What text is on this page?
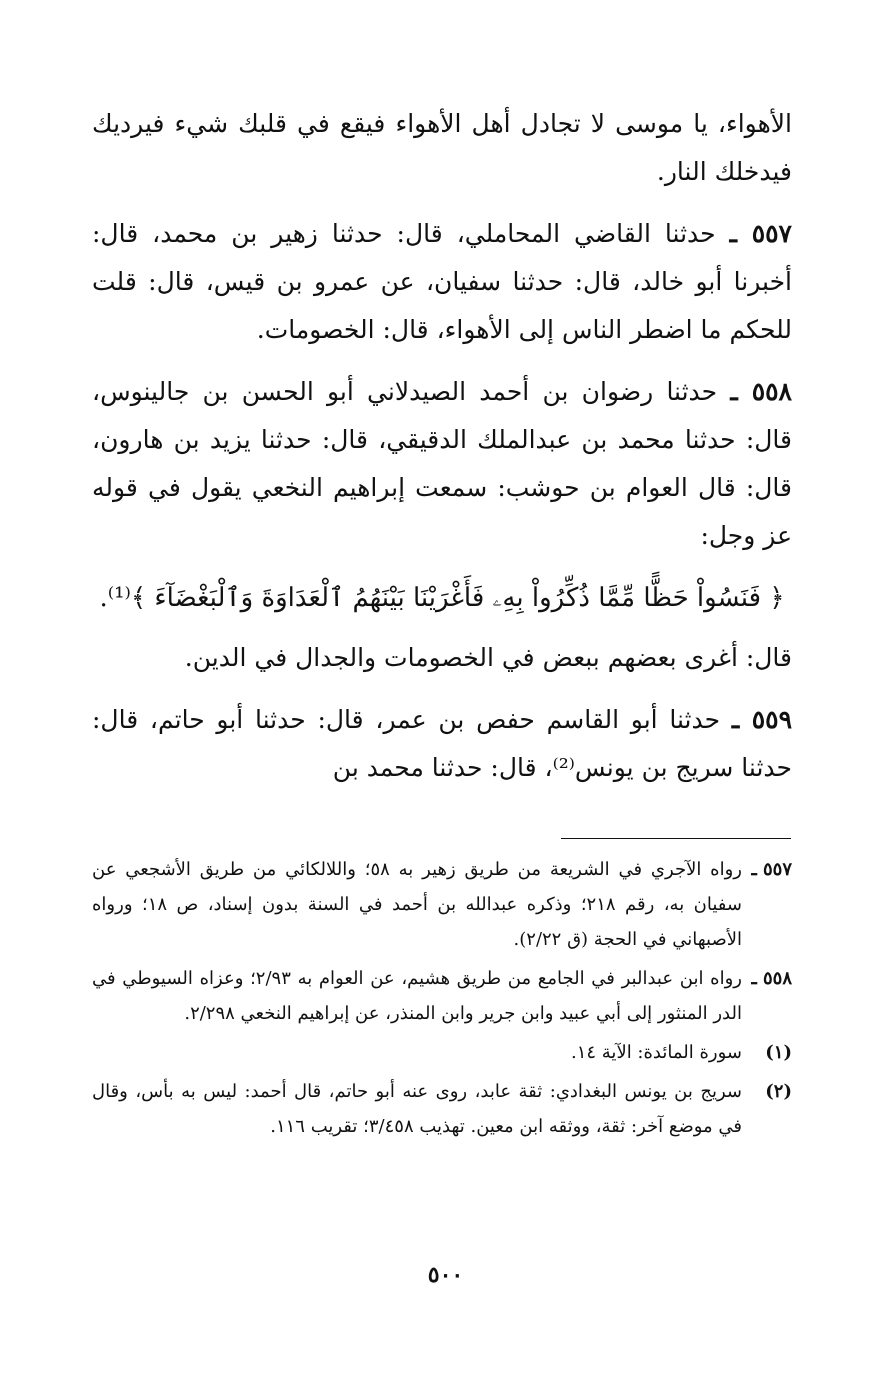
الأهواء، يا موسى لا تجادل أهل الأهواء فيقع في قلبك شيء فيرديك فيدخلك النار.

٥٥٧ ـ حدثنا القاضي المحاملي، قال: حدثنا زهير بن محمد، قال: أخبرنا أبو خالد، قال: حدثنا سفيان، عن عمرو بن قيس، قال: قلت للحكم ما اضطر الناس إلى الأهواء، قال: الخصومات.

٥٥٨ ـ حدثنا رضوان بن أحمد الصيدلاني أبو الحسن بن جالينوس، قال: حدثنا محمد بن عبدالملك الدقيقي، قال: حدثنا يزيد بن هارون، قال: قال العوام بن حوشب: سمعت إبراهيم النخعي يقول في قوله عز وجل:

﴿ فَنَسُواْ حَظًّا مِّمَّا ذُكِّرُواْ بِهِۦ فَأَغْرَيْنَا بَيْنَهُمُ ٱلْعَدَاوَةَ وَٱلْبَغْضَآءَ ﴾⁽¹⁾.

قال: أغرى بعضهم ببعض في الخصومات والجدال في الدين.

٥٥٩ ـ حدثنا أبو القاسم حفص بن عمر، قال: حدثنا أبو حاتم، قال: حدثنا سريج بن يونس⁽²⁾، قال: حدثنا محمد بن

٥٥٧ ـ
رواه الآجري في الشريعة من طريق زهير به ٥٨؛ واللالكائي من طريق الأشجعي عن سفيان به، رقم ٢١٨؛ وذكره عبدالله بن أحمد في السنة بدون إسناد، ص ١٨؛ ورواه الأصبهاني في الحجة (ق ٢/٢٢).
٥٥٨ ـ
رواه ابن عبدالبر في الجامع من طريق هشيم، عن العوام به ٢/٩٣؛ وعزاه السيوطي في الدر المنثور إلى أبي عبيد وابن جرير وابن المنذر، عن إبراهيم النخعي ٢/٢٩٨.
(١)
سورة المائدة: الآية ١٤.
(٢)
سريج بن يونس البغدادي: ثقة عابد، روى عنه أبو حاتم، قال أحمد: ليس به بأس، وقال في موضع آخر: ثقة، ووثقه ابن معين. تهذيب ٣/٤٥٨؛ تقريب ١١٦.
٥٠٠
